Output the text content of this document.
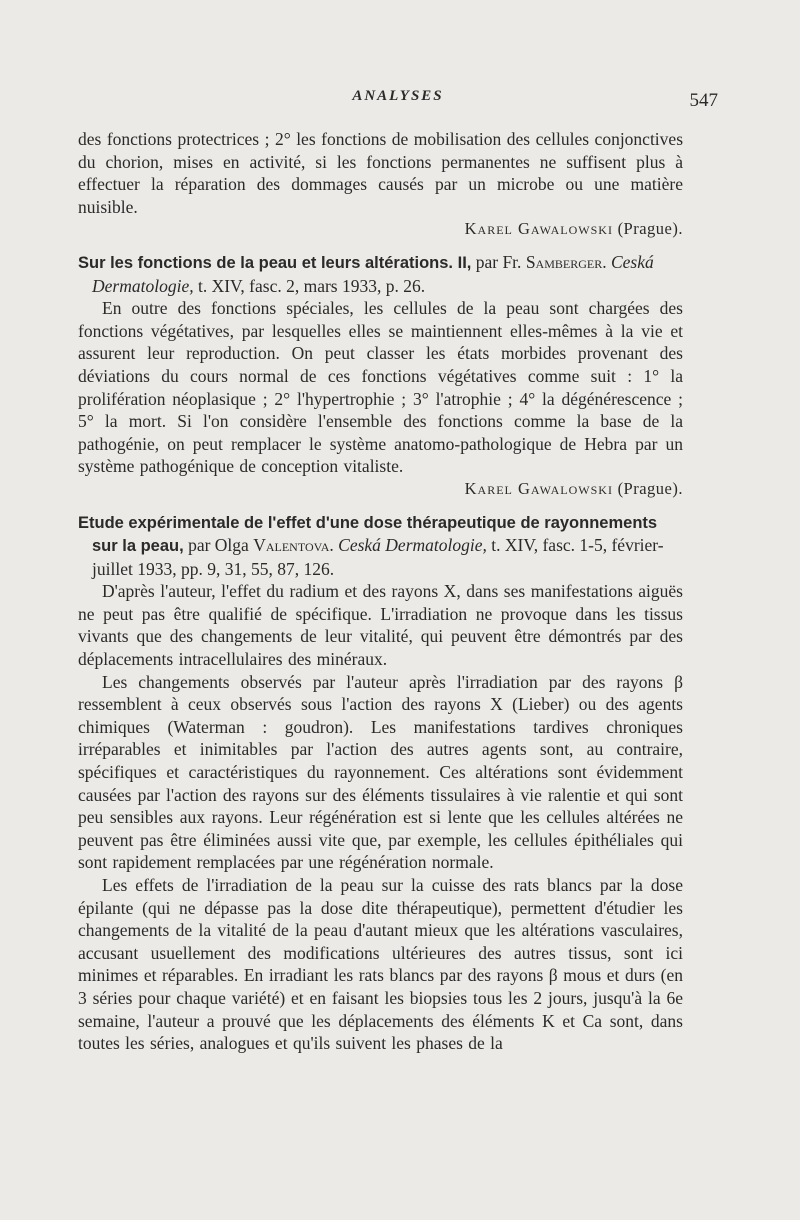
ANALYSES	547

des fonctions protectrices ; 2° les fonctions de mobilisation des cellules conjonctives du chorion, mises en activité, si les fonctions permanentes ne suffisent plus à effectuer la réparation des dommages causés par un microbe ou une matière nuisible.

Karel Gawalowski (Prague).
Sur les fonctions de la peau et leurs altérations. II, par Fr. Samberger. Ceská Dermatologie, t. XIV, fasc. 2, mars 1933, p. 26.

En outre des fonctions spéciales, les cellules de la peau sont chargées des fonctions végétatives, par lesquelles elles se maintiennent elles-mêmes à la vie et assurent leur reproduction. On peut classer les états morbides provenant des déviations du cours normal de ces fonctions végétatives comme suit : 1° la prolifération néoplasique ; 2° l'hypertrophie ; 3° l'atrophie ; 4° la dégénérescence ; 5° la mort. Si l'on considère l'ensemble des fonctions comme la base de la pathogénie, on peut remplacer le système anatomo-pathologique de Hebra par un système pathogénique de conception vitaliste.

Karel Gawalowski (Prague).
Etude expérimentale de l'effet d'une dose thérapeutique de rayonnements sur la peau, par Olga Valentova. Ceská Dermatologie, t. XIV, fasc. 1-5, février-juillet 1933, pp. 9, 31, 55, 87, 126.

D'après l'auteur, l'effet du radium et des rayons X, dans ses manifestations aiguës ne peut pas être qualifié de spécifique. L'irradiation ne provoque dans les tissus vivants que des changements de leur vitalité, qui peuvent être démontrés par des déplacements intracellulaires des minéraux.

Les changements observés par l'auteur après l'irradiation par des rayons β ressemblent à ceux observés sous l'action des rayons X (Lieber) ou des agents chimiques (Waterman : goudron). Les manifestations tardives chroniques irréparables et inimitables par l'action des autres agents sont, au contraire, spécifiques et caractéristiques du rayonnement. Ces altérations sont évidemment causées par l'action des rayons sur des éléments tissulaires à vie ralentie et qui sont peu sensibles aux rayons. Leur régénération est si lente que les cellules altérées ne peuvent pas être éliminées aussi vite que, par exemple, les cellules épithéliales qui sont rapidement remplacées par une régénération normale.

Les effets de l'irradiation de la peau sur la cuisse des rats blancs par la dose épilante (qui ne dépasse pas la dose dite thérapeutique), permettent d'étudier les changements de la vitalité de la peau d'autant mieux que les altérations vasculaires, accusant usuellement des modifications ultérieures des autres tissus, sont ici minimes et réparables. En irradiant les rats blancs par des rayons β mous et durs (en 3 séries pour chaque variété) et en faisant les biopsies tous les 2 jours, jusqu'à la 6e semaine, l'auteur a prouvé que les déplacements des éléments K et Ca sont, dans toutes les séries, analogues et qu'ils suivent les phases de la
